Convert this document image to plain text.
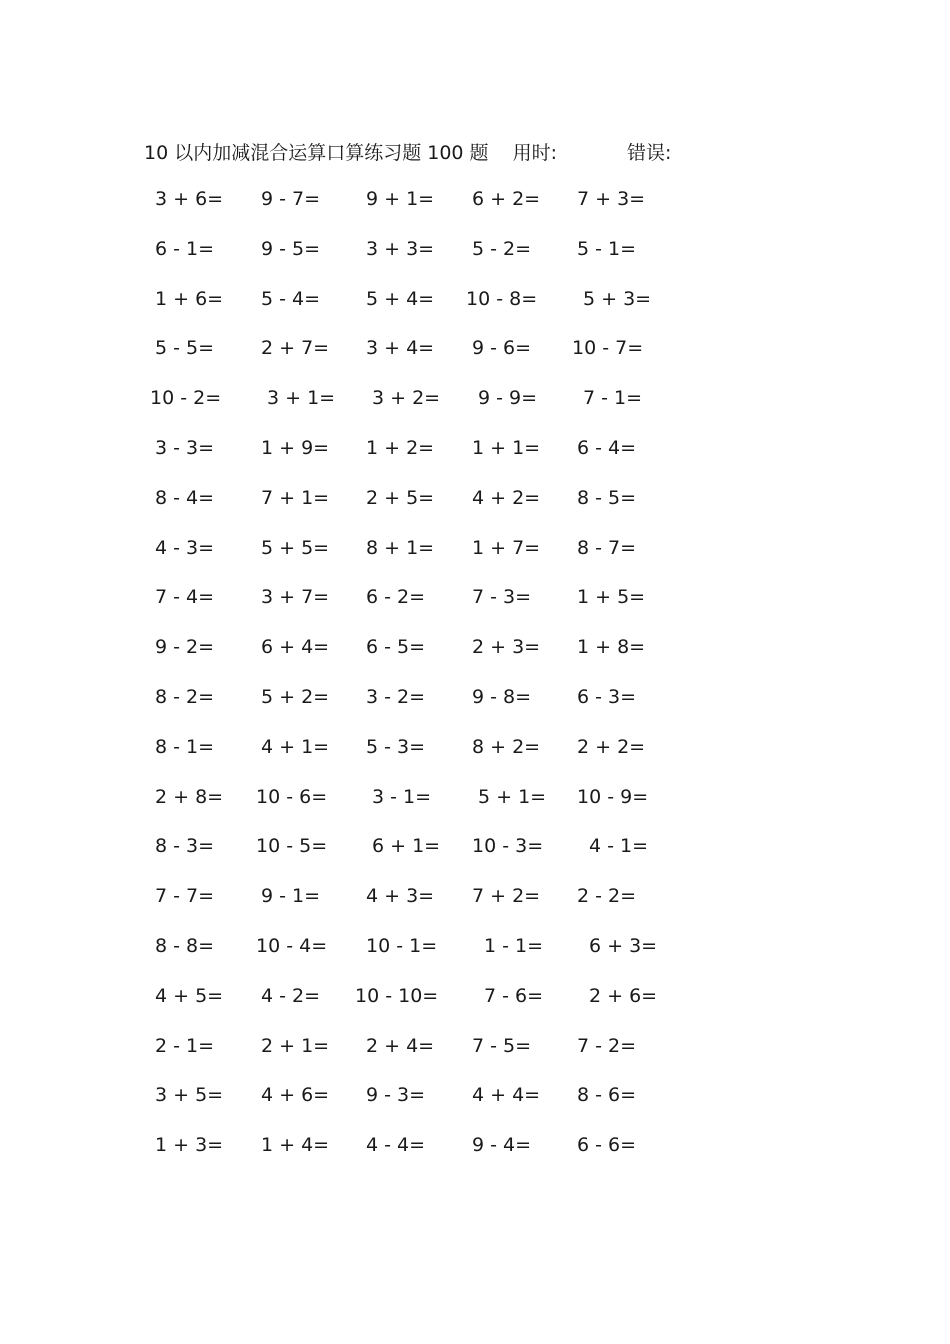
10 以内加减混合运算口算练习题 100 题 用时:	错误:
3 + 6= 9 - 7= 9 + 1= 6 + 2= 7 + 3=
6 - 1= 9 - 5= 3 + 3= 5 - 2= 5 - 1=
1 + 6= 5 - 4= 5 + 4= 10 - 8= 5 + 3=
5 - 5= 2 + 7= 3 + 4= 9 - 6= 10 - 7=
10 - 2= 3 + 1= 3 + 2= 9 - 9= 7 - 1=
3 - 3= 1 + 9= 1 + 2= 1 + 1= 6 - 4=
8 - 4= 7 + 1= 2 + 5= 4 + 2= 8 - 5=
4 - 3= 5 + 5= 8 + 1= 1 + 7= 8 - 7=
7 - 4= 3 + 7= 6 - 2= 7 - 3= 1 + 5=
9 - 2= 6 + 4= 6 - 5= 2 + 3= 1 + 8=
8 - 2= 5 + 2= 3 - 2= 9 - 8= 6 - 3=
8 - 1= 4 + 1= 5 - 3= 8 + 2= 2 + 2=
2 + 8= 10 - 6= 3 - 1= 5 + 1= 10 - 9=
8 - 3= 10 - 5= 6 + 1= 10 - 3= 4 - 1=
7 - 7= 9 - 1= 4 + 3= 7 + 2= 2 - 2=
8 - 8= 10 - 4= 10 - 1= 1 - 1= 6 + 3=
4 + 5= 4 - 2= 10 - 10= 7 - 6= 2 + 6=
2 - 1= 2 + 1= 2 + 4= 7 - 5= 7 - 2=
3 + 5= 4 + 6= 9 - 3= 4 + 4= 8 - 6=
1 + 3= 1 + 4= 4 - 4= 9 - 4= 6 - 6=
